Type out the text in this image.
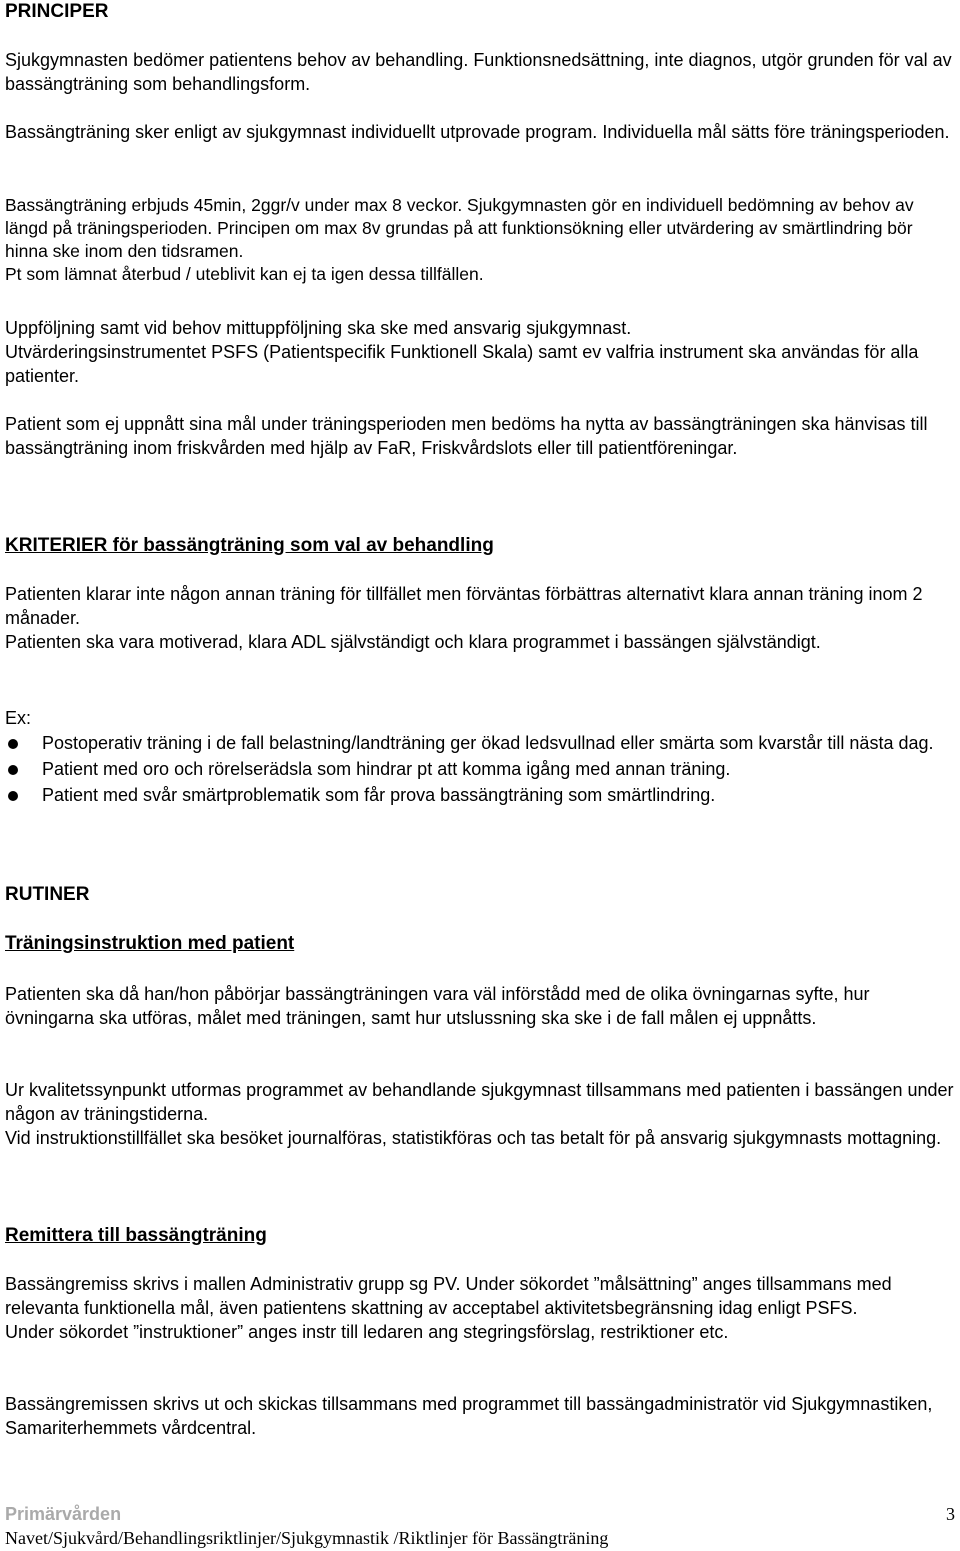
PRINCIPER

Sjukgymnasten bedömer patientens behov av behandling. Funktionsnedsättning, inte diagnos, utgör grunden för val av bassängträning som behandlingsform.

Bassängträning sker enligt av sjukgymnast individuellt utprovade program. Individuella mål sätts före träningsperioden.

Bassängträning erbjuds 45min, 2ggr/v under max 8 veckor. Sjukgymnasten gör en individuell bedömning av behov av längd på träningsperioden. Principen om max 8v grundas på att funktionsökning eller utvärdering av smärtlindring bör hinna ske inom den tidsramen.

Pt som lämnat återbud / uteblivit kan ej ta igen dessa tillfällen.

Uppföljning samt vid behov mittuppföljning ska ske med ansvarig sjukgymnast.

Utvärderingsinstrumentet PSFS (Patientspecifik Funktionell Skala) samt ev valfria instrument ska användas för alla patienter.

Patient som ej uppnått sina mål under träningsperioden men bedöms ha nytta av bassängträningen ska hänvisas till bassängträning inom friskvården med hjälp av FaR, Friskvårdslots eller till patientföreningar.

KRITERIER för bassängträning som val av behandling

Patienten klarar inte någon annan träning för tillfället men förväntas förbättras alternativt klara annan träning inom 2 månader.

Patienten ska vara motiverad, klara ADL självständigt och klara programmet i bassängen självständigt.

Ex:

Postoperativ träning i de fall belastning/landträning ger ökad ledsvullnad eller smärta som kvarstår till nästa dag.
Patient med oro och rörelserädsla som hindrar pt att komma igång med annan träning.
Patient med svår smärtproblematik som får prova bassängträning som smärtlindring.
RUTINER
Träningsinstruktion med patient

Patienten ska då han/hon påbörjar bassängträningen vara väl införstådd med de olika övningarnas syfte, hur övningarna ska utföras, målet med träningen, samt hur utslussning ska ske i de fall målen ej uppnåtts.

Ur kvalitetssynpunkt utformas programmet av behandlande sjukgymnast tillsammans med patienten i bassängen under någon av träningstiderna.

Vid instruktionstillfället ska besöket journalföras, statistikföras och tas betalt för på ansvarig sjukgymnasts mottagning.

Remittera till bassängträning

Bassängremiss skrivs i mallen Administrativ grupp sg PV. Under sökordet ”målsättning” anges tillsammans med relevanta funktionella mål, även patientens skattning av acceptabel aktivitetsbegränsning idag enligt PSFS.

Under sökordet ”instruktioner” anges instr till ledaren ang stegringsförslag, restriktioner etc.

Bassängremissen skrivs ut och skickas tillsammans med programmet till bassängadministratör vid Sjukgymnastiken, Samariterhemmets vårdcentral.

Primärvården	3
Navet/Sjukvård/Behandlingsriktlinjer/Sjukgymnastik /Riktlinjer för Bassängträning
